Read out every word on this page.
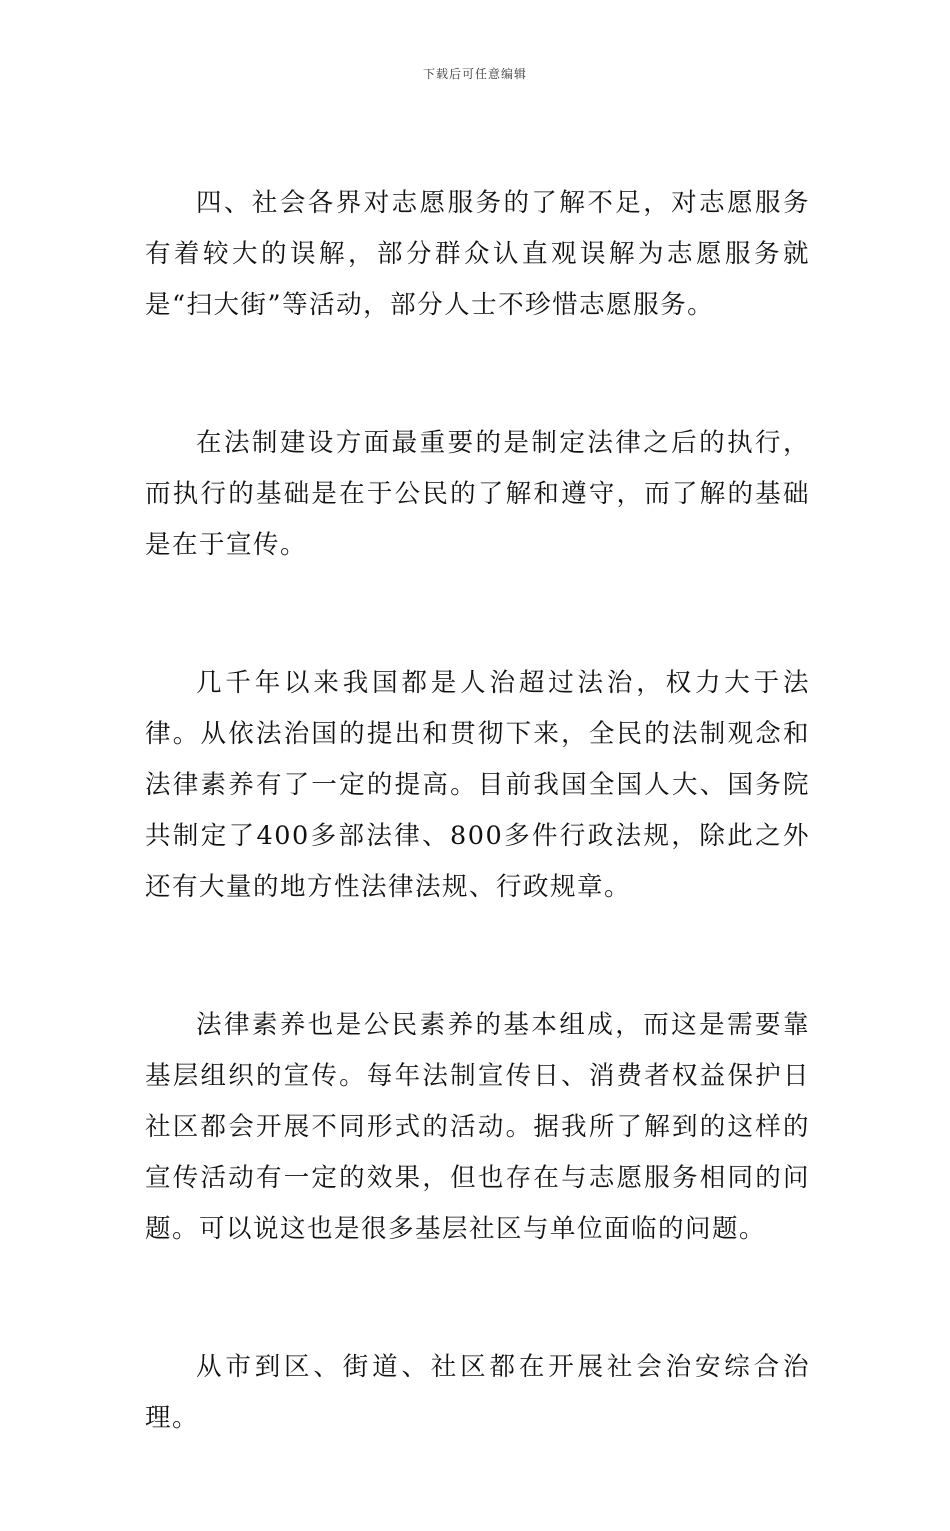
下载后可任意编辑

四、社会各界对志愿服务的了解不足，对志愿服务有着较大的误解，部分群众认直观误解为志愿服务就是“扫大街”等活动，部分人士不珍惜志愿服务。

在法制建设方面最重要的是制定法律之后的执行，而执行的基础是在于公民的了解和遵守，而了解的基础是在于宣传。

几千年以来我国都是人治超过法治，权力大于法律。从依法治国的提出和贯彻下来，全民的法制观念和法律素养有了一定的提高。目前我国全国人大、国务院共制定了400多部法律、800多件行政法规，除此之外还有大量的地方性法律法规、行政规章。

法律素养也是公民素养的基本组成，而这是需要靠基层组织的宣传。每年法制宣传日、消费者权益保护日社区都会开展不同形式的活动。据我所了解到的这样的宣传活动有一定的效果，但也存在与志愿服务相同的问题。可以说这也是很多基层社区与单位面临的问题。

从市到区、街道、社区都在开展社会治安综合治理。
